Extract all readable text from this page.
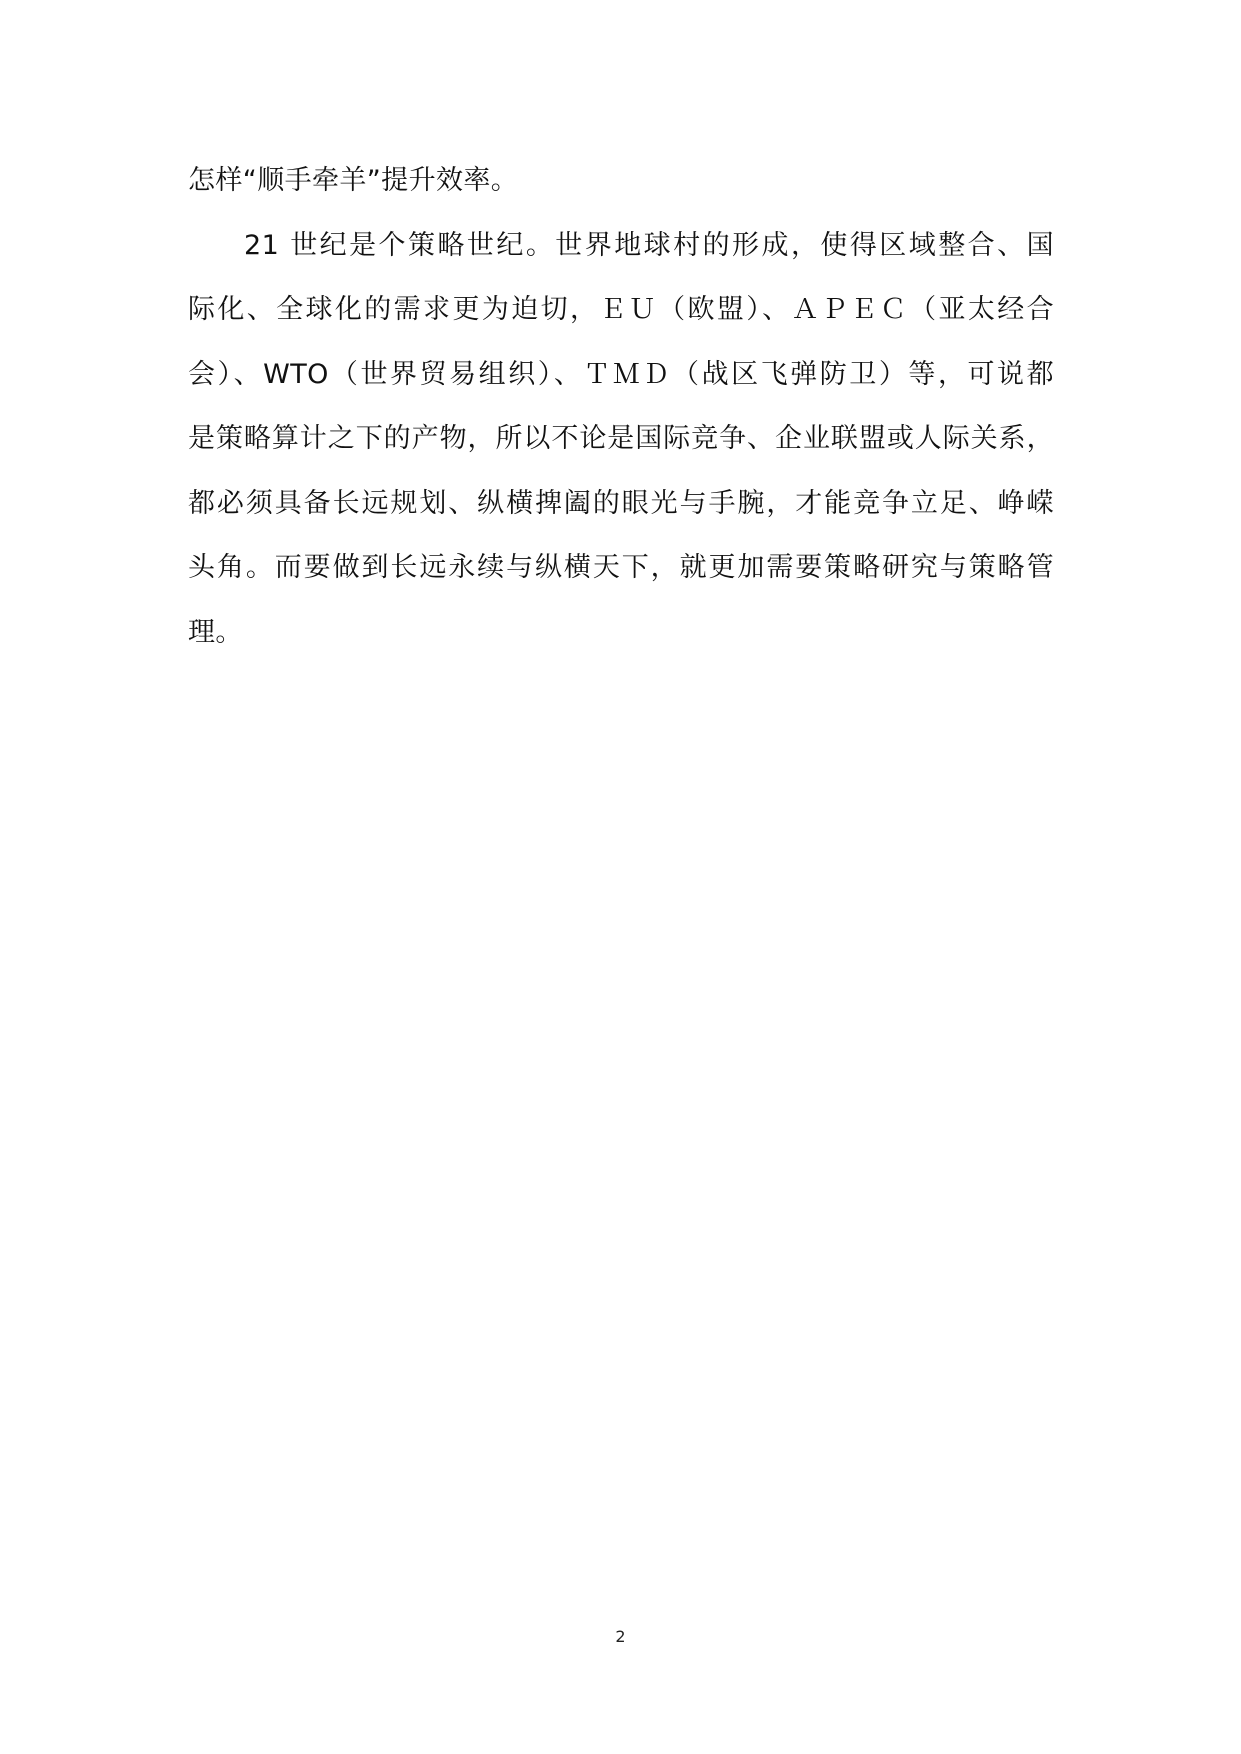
怎样“顺手牵羊”提升效率。
21 世纪是个策略世纪。世界地球村的形成，使得区域整合、国
际化、全球化的需求更为迫切，ＥＵ（欧盟）、ＡＰＥＣ（亚太经合
会）、WTO（世界贸易组织）、ＴＭＤ（战区飞弹防卫）等，可说都
是策略算计之下的产物，所以不论是国际竞争、企业联盟或人际关系，
都必须具备长远规划、纵横捭阖的眼光与手腕，才能竞争立足、峥嵘
头角。而要做到长远永续与纵横天下，就更加需要策略研究与策略管
理。
2
